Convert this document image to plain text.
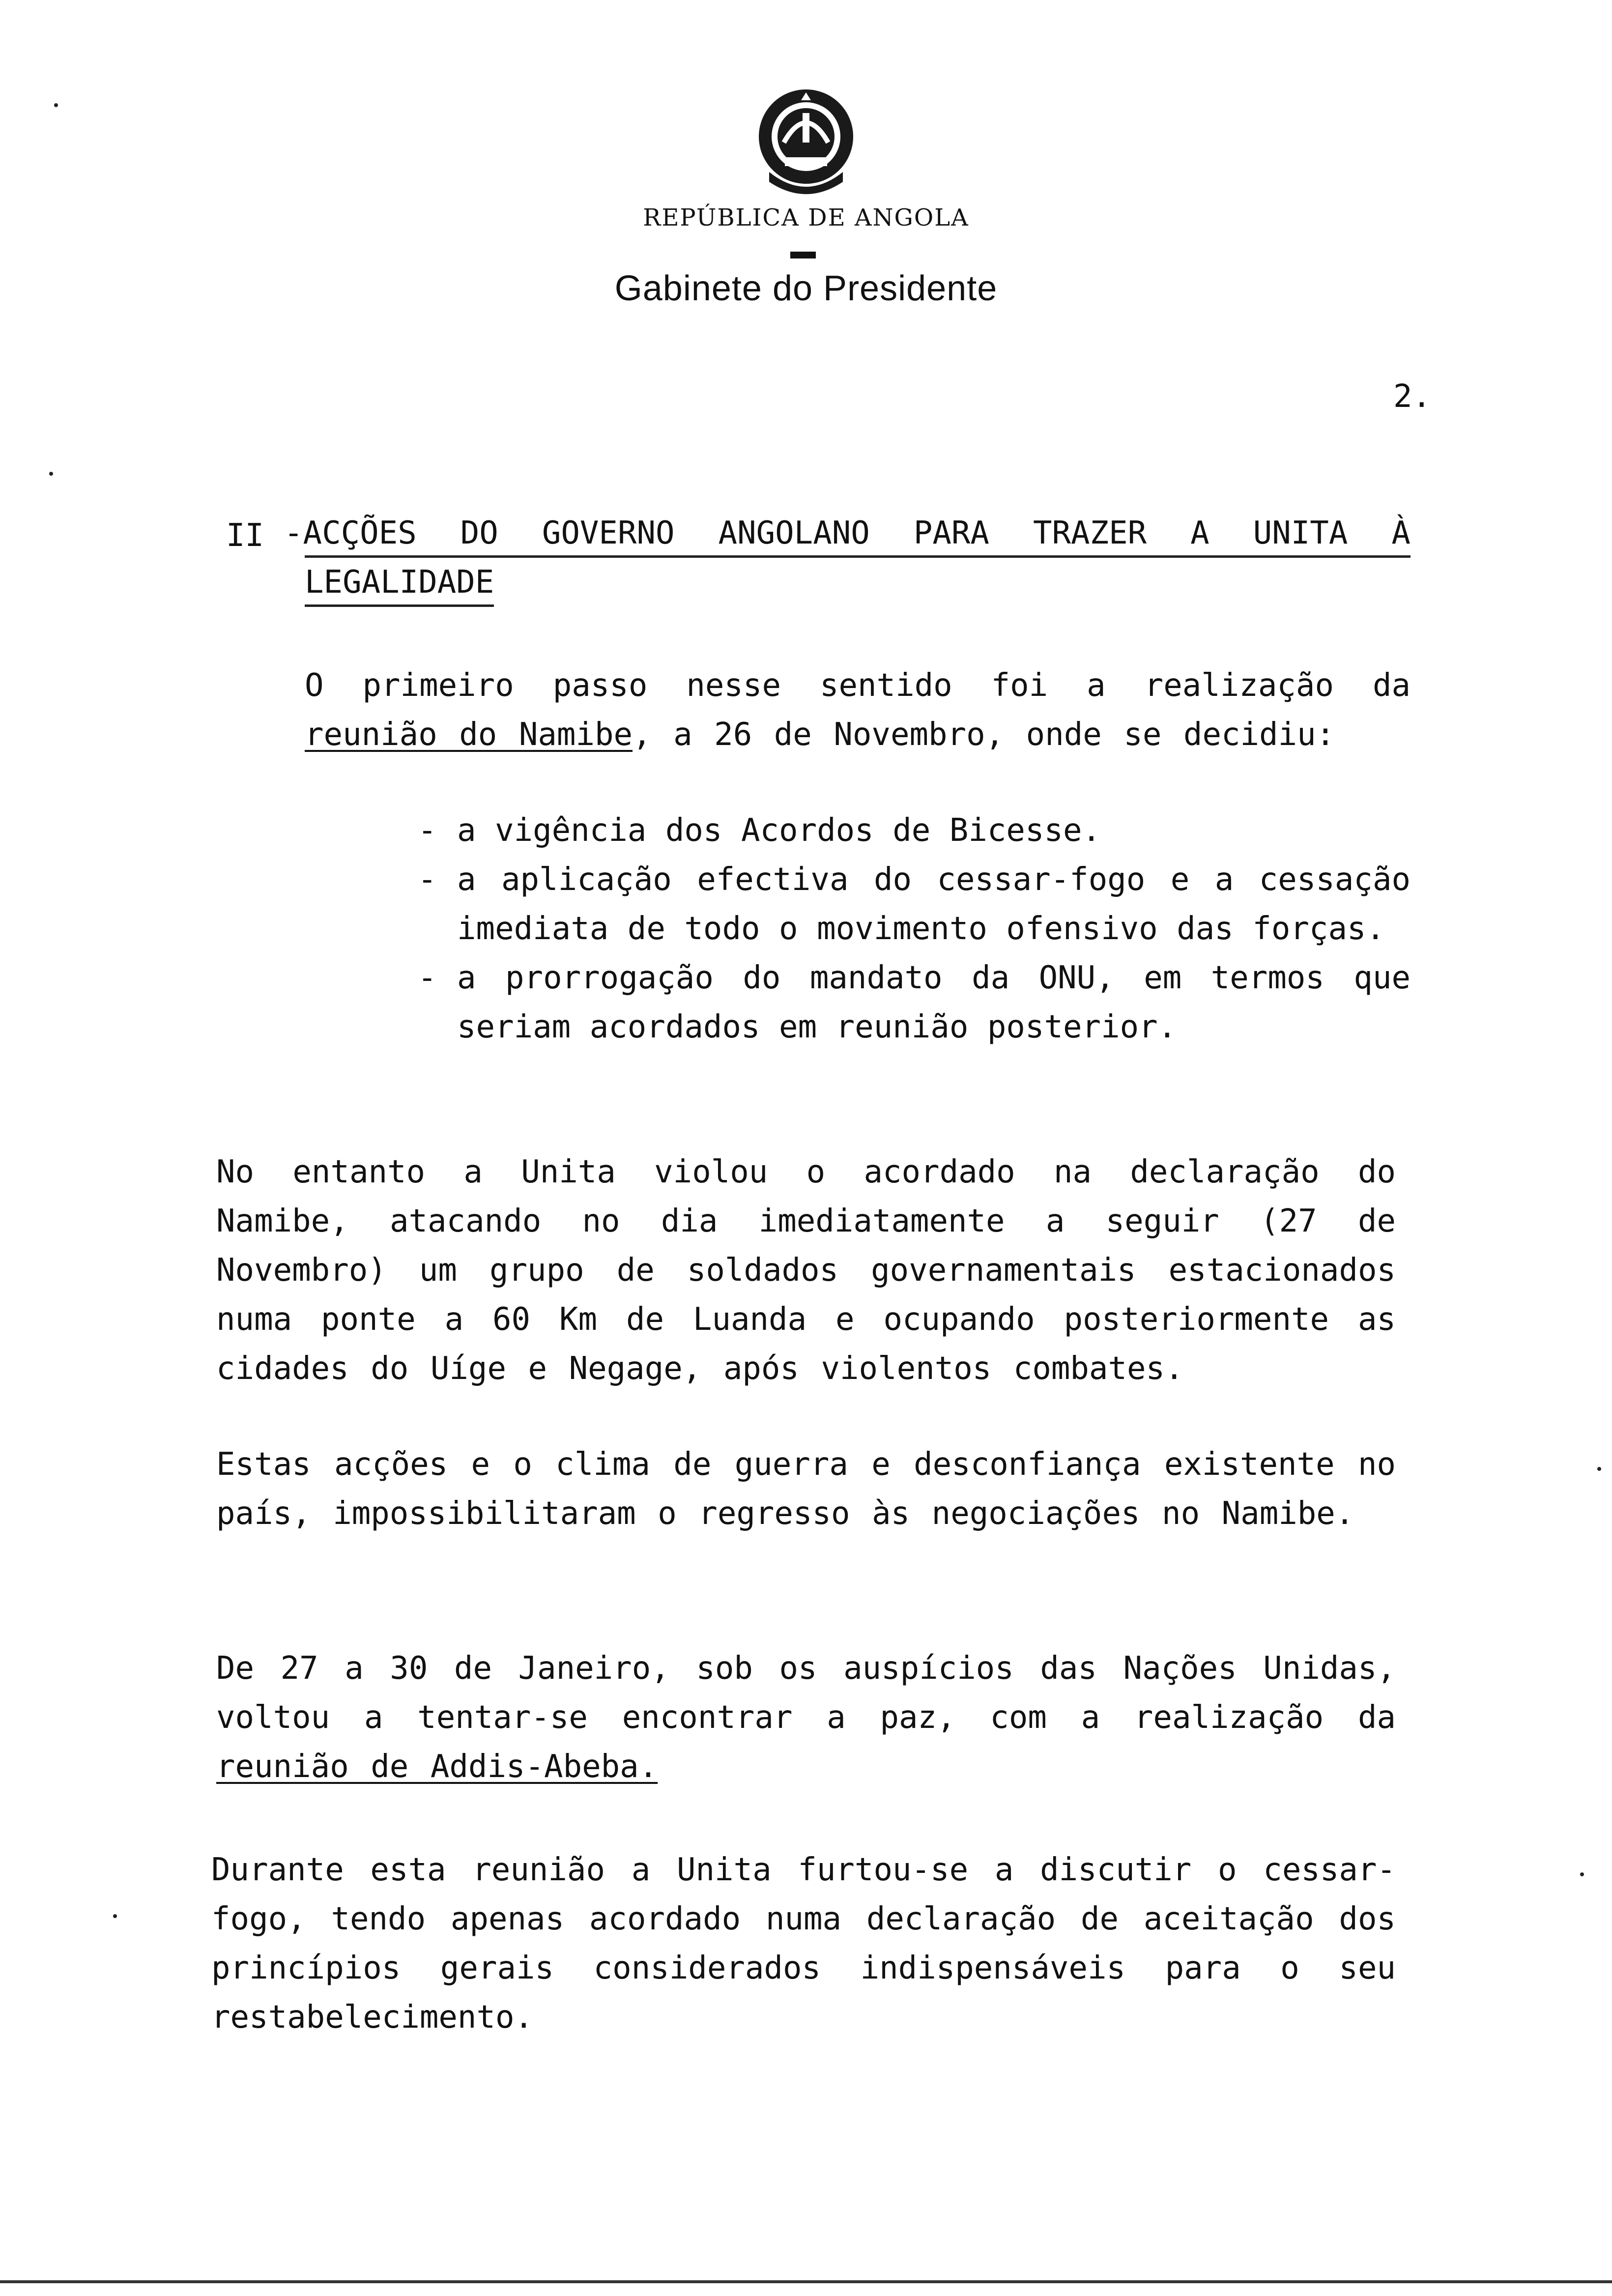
REPÚBLICA DE ANGOLA
Gabinete do Presidente
2.
II -ACÇÕES DO GOVERNO ANGOLANO PARA TRAZER A UNITA À
LEGALIDADE

O primeiro passo nesse sentido foi a realização da reunião do Namibe, a 26 de Novembro, onde se decidiu:

- a vigência dos Acordos de Bicesse.
- a aplicação efectiva do cessar-fogo e a cessação imediata de todo o movimento ofensivo das forças.
- a prorrogação do mandato da ONU, em termos que seriam acordados em reunião posterior.

No entanto a Unita violou o acordado na declaração do Namibe, atacando no dia imediatamente a seguir (27 de Novembro) um grupo de soldados governamentais estacionados numa ponte a 60 Km de Luanda e ocupando posteriormente as cidades do Uíge e Negage, após violentos combates.

Estas acções e o clima de guerra e desconfiança existente no país, impossibilitaram o regresso às negociações no Namibe.

De 27 a 30 de Janeiro, sob os auspícios das Nações Unidas, voltou a tentar-se encontrar a paz, com a realização da reunião de Addis-Abeba.

Durante esta reunião a Unita furtou-se a discutir o cessar-fogo, tendo apenas acordado numa declaração de aceitação dos princípios gerais considerados indispensáveis para o seu restabelecimento.
